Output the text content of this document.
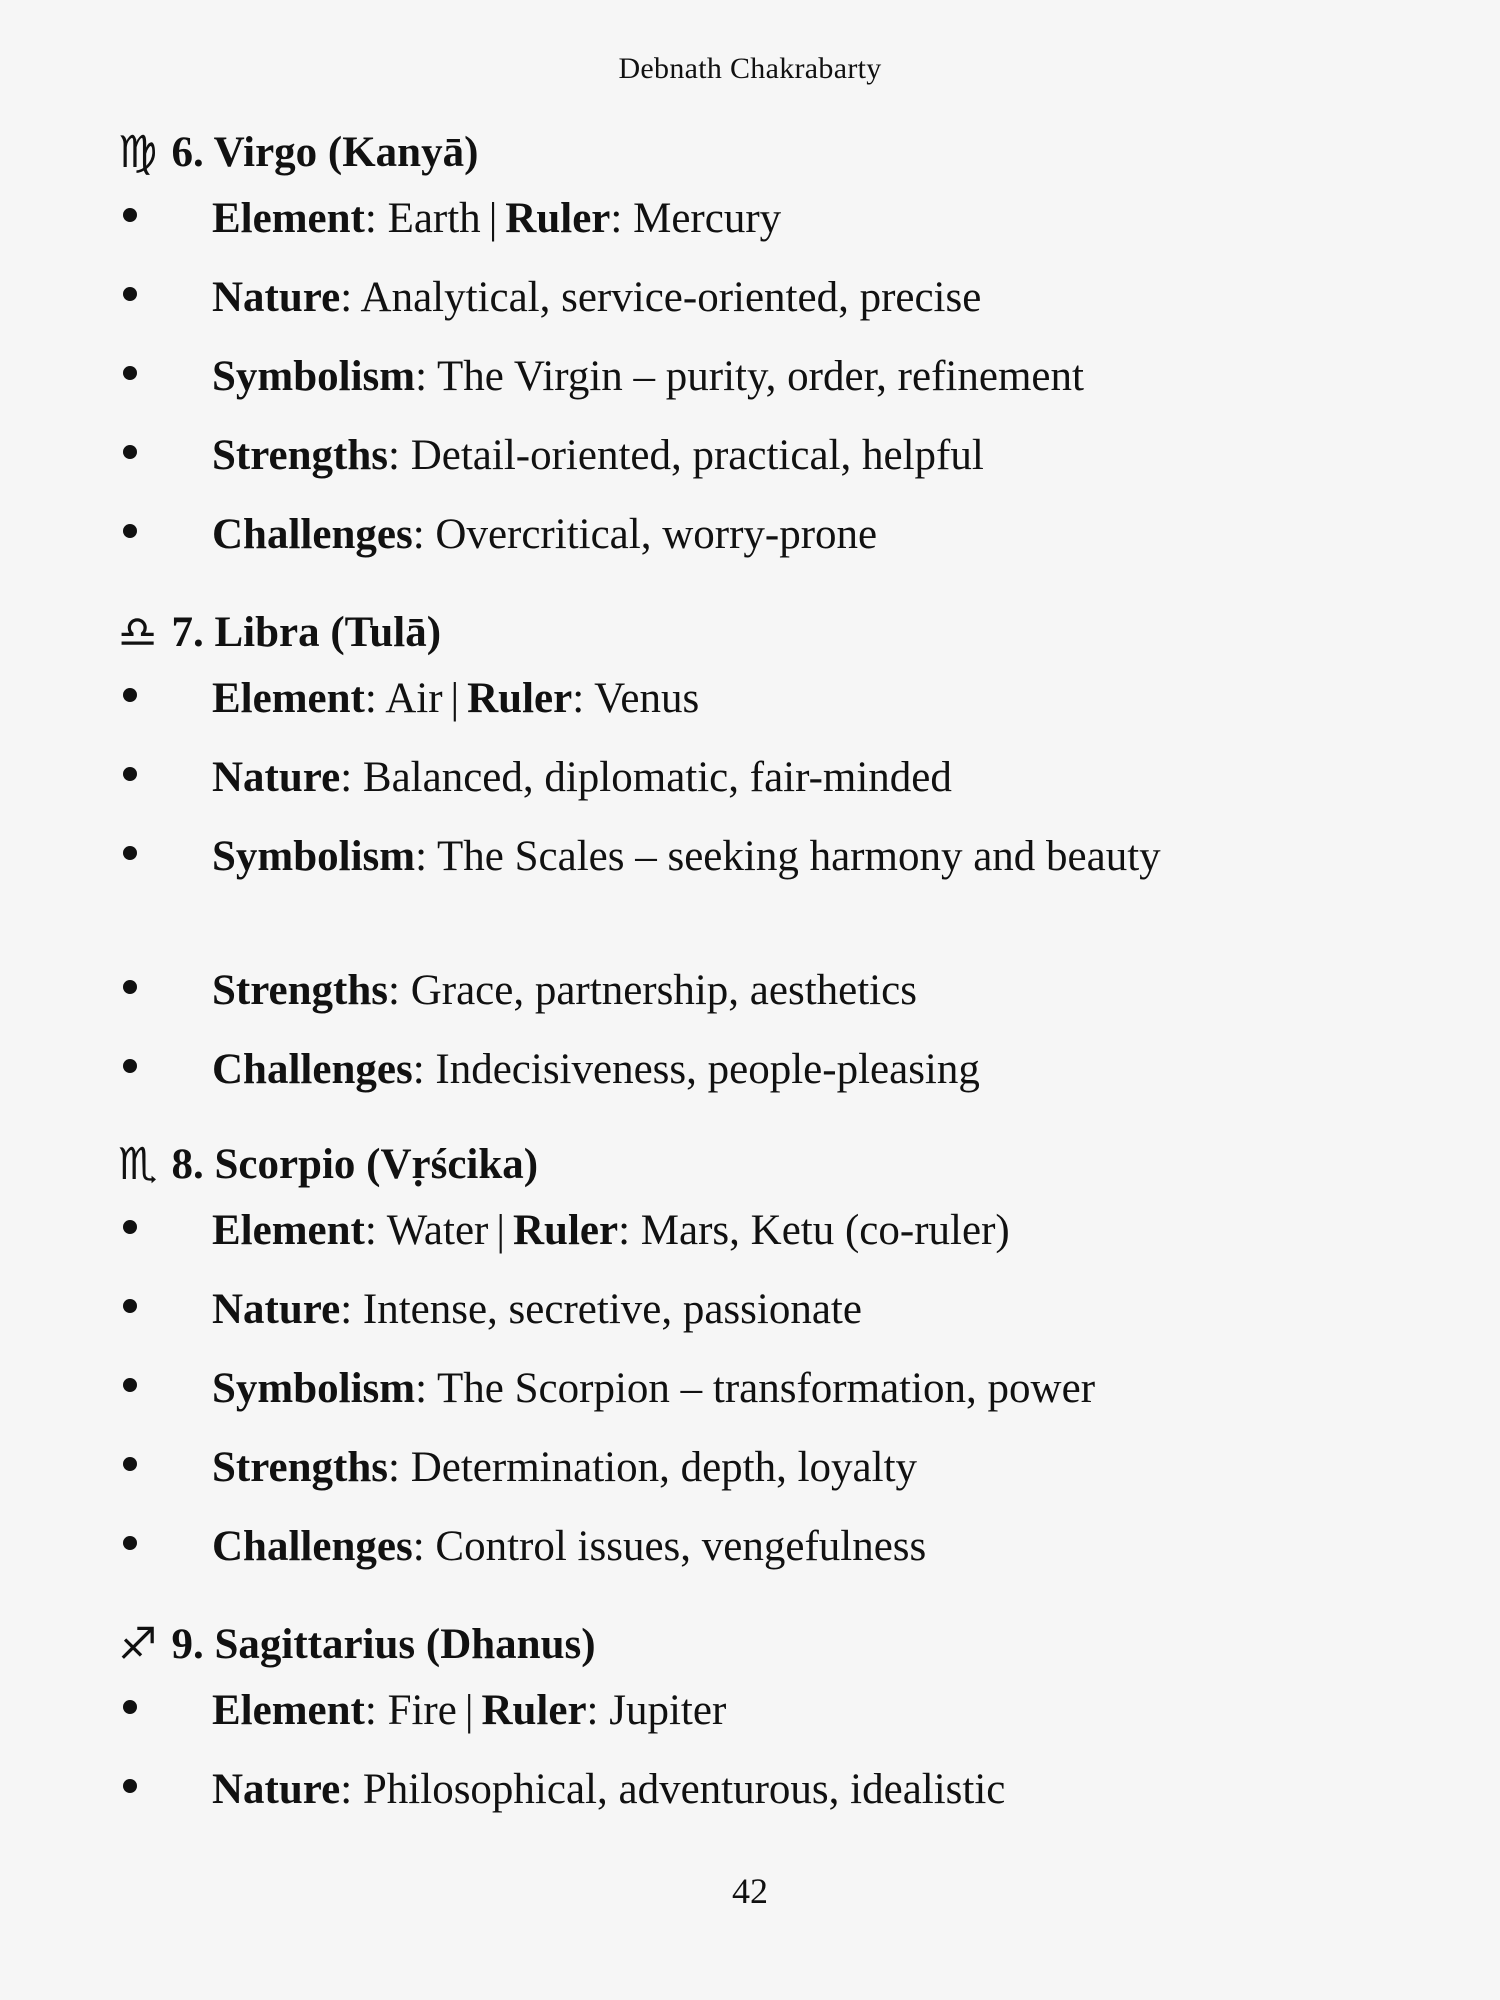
Debnath Chakrabarty
♍ 6. Virgo (Kanyā)
Element: Earth | Ruler: Mercury
Nature: Analytical, service-oriented, precise
Symbolism: The Virgin – purity, order, refinement
Strengths: Detail-oriented, practical, helpful
Challenges: Overcritical, worry-prone
♎ 7. Libra (Tulā)
Element: Air | Ruler: Venus
Nature: Balanced, diplomatic, fair-minded
Symbolism: The Scales – seeking harmony and beauty
Strengths: Grace, partnership, aesthetics
Challenges: Indecisiveness, people-pleasing
♏ 8. Scorpio (Vṛścika)
Element: Water | Ruler: Mars, Ketu (co-ruler)
Nature: Intense, secretive, passionate
Symbolism: The Scorpion – transformation, power
Strengths: Determination, depth, loyalty
Challenges: Control issues, vengefulness
♐ 9. Sagittarius (Dhanus)
Element: Fire | Ruler: Jupiter
Nature: Philosophical, adventurous, idealistic
42
